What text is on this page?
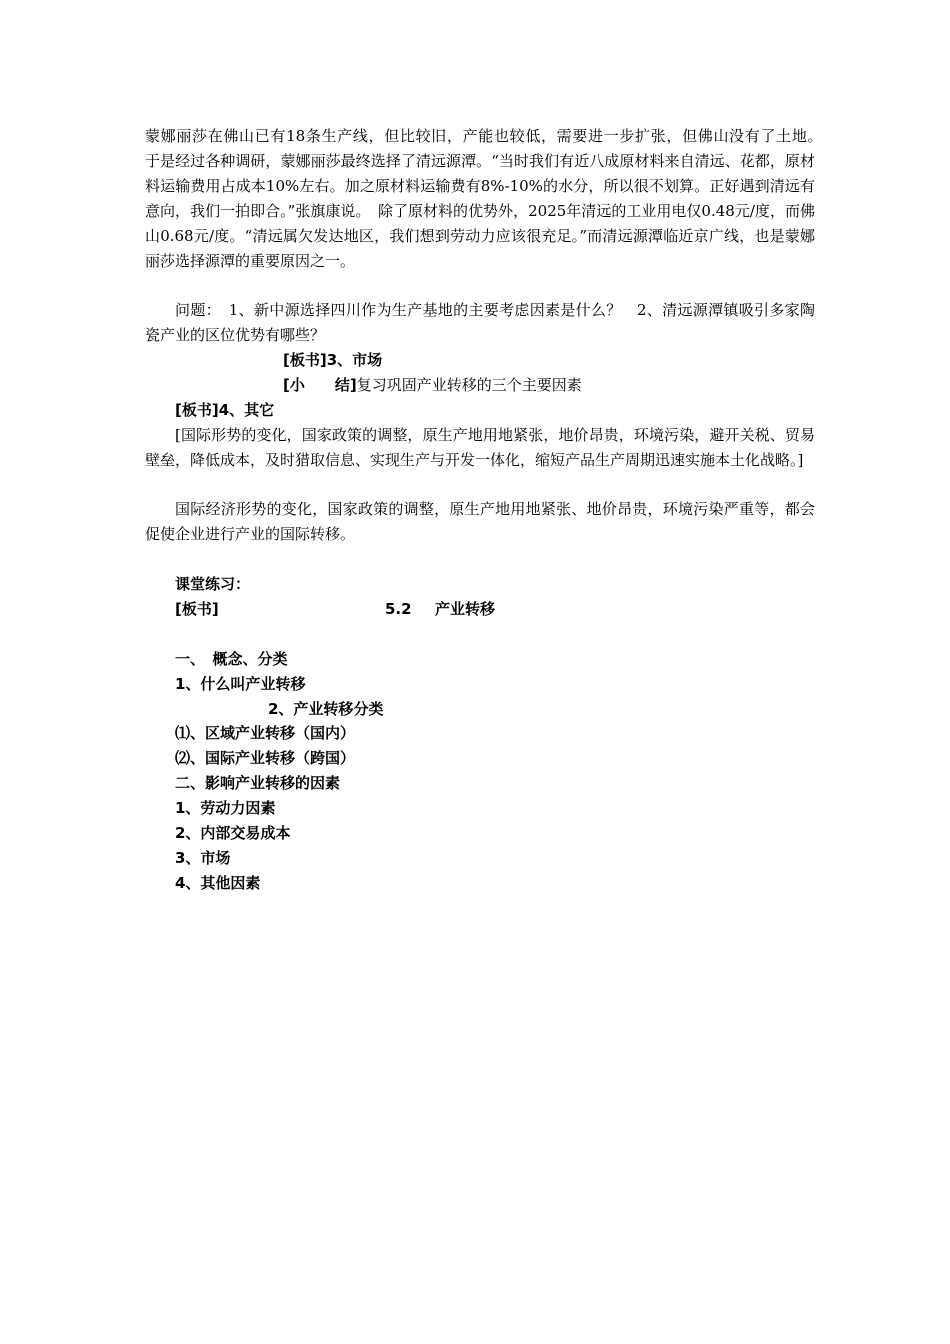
蒙娜丽莎在佛山已有18条生产线，但比较旧，产能也较低，需要进一步扩张，但佛山没有了土地。　于是经过各种调研，蒙娜丽莎最终选择了清远源潭。“当时我们有近八成原材料来自清远、花都，原材料运输费用占成本10%左右。加之原材料运输费有8%-10%的水分，所以很不划算。正好遇到清远有意向，我们一拍即合。”张旗康说。　除了原材料的优势外，2025年清远的工业用电仅0.48元/度，而佛山0.68元/度。“清远属欠发达地区，我们想到劳动力应该很充足。”而清远源潭临近京广线，也是蒙娜丽莎选择源潭的重要原因之一。

问题：　1、新中源选择四川作为生产基地的主要考虑因素是什么？　2、清远源潭镇吸引多家陶瓷产业的区位优势有哪些？

[板书]3、市场

[小　　结]复习巩固产业转移的三个主要因素

[板书]4、其它

[国际形势的变化，国家政策的调整，原生产地用地紧张，地价昂贵，环境污染，避开关税、贸易壁垒，降低成本，及时猎取信息、实现生产与开发一体化，缩短产品生产周期迅速实施本土化战略。]

国际经济形势的变化，国家政策的调整，原生产地用地紧张、地价昂贵，环境污染严重等，都会促使企业进行产业的国际转移。

课堂练习：

[板书]	5.2 产业转移

一、　概念、分类

1、什么叫产业转移

2、产业转移分类

⑴、区域产业转移（国内）

⑵、国际产业转移（跨国）

二、影响产业转移的因素

1、劳动力因素

2、内部交易成本

3、市场

4、其他因素
